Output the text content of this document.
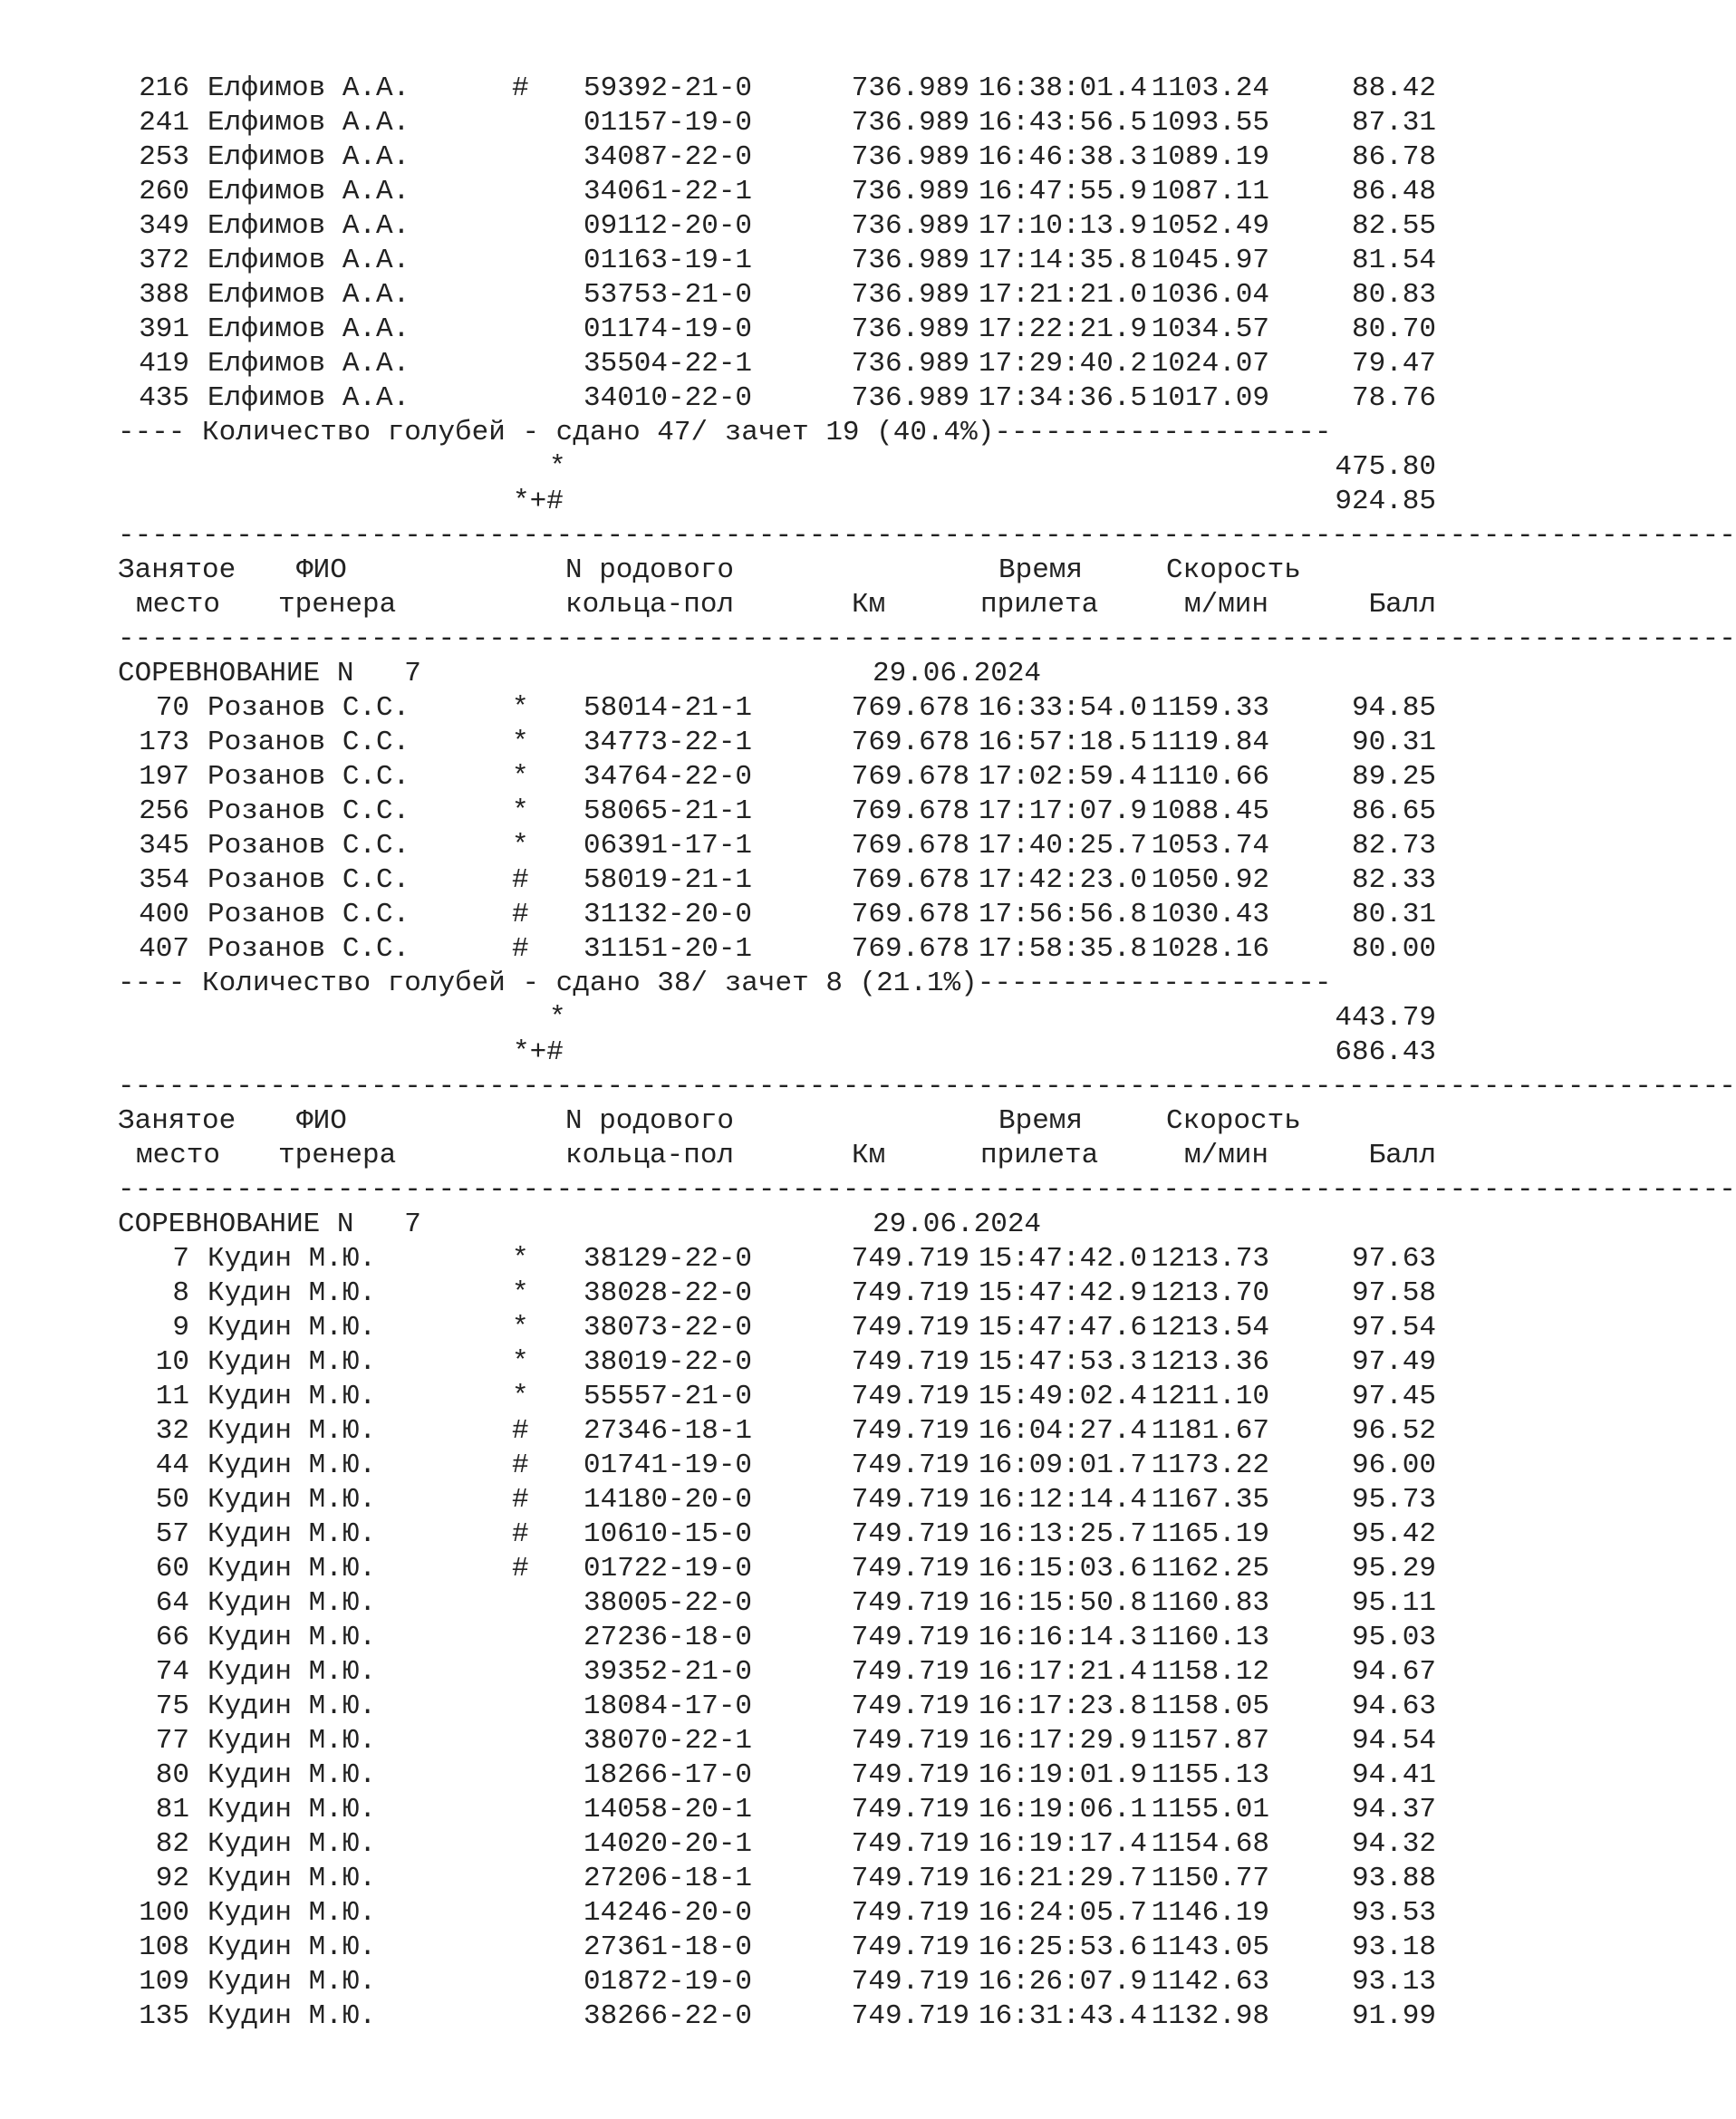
216 Елфимов А.А.	# 59392-21-0	736.989 16:38:01.4 1103.24	88.42
241 Елфимов А.А.	01157-19-0	736.989 16:43:56.5 1093.55	87.31
253 Елфимов А.А.	34087-22-0	736.989 16:46:38.3 1089.19	86.78
260 Елфимов А.А.	34061-22-1	736.989 16:47:55.9 1087.11	86.48
349 Елфимов А.А.	09112-20-0	736.989 17:10:13.9 1052.49	82.55
372 Елфимов А.А.	01163-19-1	736.989 17:14:35.8 1045.97	81.54
388 Елфимов А.А.	53753-21-0	736.989 17:21:21.0 1036.04	80.83
391 Елфимов А.А.	01174-19-0	736.989 17:22:21.9 1034.57	80.70
419 Елфимов А.А.	35504-22-1	736.989 17:29:40.2 1024.07	79.47
435 Елфимов А.А.	34010-22-0	736.989 17:34:36.5 1017.09	78.76
---- Количество голубей - сдано 47/ зачет 19 (40.4%)--------------------
*	475.80
*+#	924.85
------------------------------------------------------------------------------------------------
Занятое ФИО	N родового	Время	Скорость
место тренера	кольца-пол	Км	прилета	м/мин	Балл
------------------------------------------------------------------------------------------------
СОРЕВНОВАНИЕ N   7	29.06.2024
70 Розанов С.С.	* 58014-21-1	769.678 16:33:54.0 1159.33	94.85
173 Розанов С.С.	* 34773-22-1	769.678 16:57:18.5 1119.84	90.31
197 Розанов С.С.	* 34764-22-0	769.678 17:02:59.4 1110.66	89.25
256 Розанов С.С.	* 58065-21-1	769.678 17:17:07.9 1088.45	86.65
345 Розанов С.С.	* 06391-17-1	769.678 17:40:25.7 1053.74	82.73
354 Розанов С.С.	# 58019-21-1	769.678 17:42:23.0 1050.92	82.33
400 Розанов С.С.	# 31132-20-0	769.678 17:56:56.8 1030.43	80.31
407 Розанов С.С.	# 31151-20-1	769.678 17:58:35.8 1028.16	80.00
---- Количество голубей - сдано 38/ зачет 8 (21.1%)---------------------
*	443.79
*+#	686.43
------------------------------------------------------------------------------------------------
Занятое ФИО	N родового	Время	Скорость
место тренера	кольца-пол	Км	прилета	м/мин	Балл
------------------------------------------------------------------------------------------------
СОРЕВНОВАНИЕ N   7	29.06.2024
7 Кудин М.Ю.	* 38129-22-0	749.719 15:47:42.0 1213.73	97.63
8 Кудин М.Ю.	* 38028-22-0	749.719 15:47:42.9 1213.70	97.58
9 Кудин М.Ю.	* 38073-22-0	749.719 15:47:47.6 1213.54	97.54
10 Кудин М.Ю.	* 38019-22-0	749.719 15:47:53.3 1213.36	97.49
11 Кудин М.Ю.	* 55557-21-0	749.719 15:49:02.4 1211.10	97.45
32 Кудин М.Ю.	# 27346-18-1	749.719 16:04:27.4 1181.67	96.52
44 Кудин М.Ю.	# 01741-19-0	749.719 16:09:01.7 1173.22	96.00
50 Кудин М.Ю.	# 14180-20-0	749.719 16:12:14.4 1167.35	95.73
57 Кудин М.Ю.	# 10610-15-0	749.719 16:13:25.7 1165.19	95.42
60 Кудин М.Ю.	# 01722-19-0	749.719 16:15:03.6 1162.25	95.29
64 Кудин М.Ю.	38005-22-0	749.719 16:15:50.8 1160.83	95.11
66 Кудин М.Ю.	27236-18-0	749.719 16:16:14.3 1160.13	95.03
74 Кудин М.Ю.	39352-21-0	749.719 16:17:21.4 1158.12	94.67
75 Кудин М.Ю.	18084-17-0	749.719 16:17:23.8 1158.05	94.63
77 Кудин М.Ю.	38070-22-1	749.719 16:17:29.9 1157.87	94.54
80 Кудин М.Ю.	18266-17-0	749.719 16:19:01.9 1155.13	94.41
81 Кудин М.Ю.	14058-20-1	749.719 16:19:06.1 1155.01	94.37
82 Кудин М.Ю.	14020-20-1	749.719 16:19:17.4 1154.68	94.32
92 Кудин М.Ю.	27206-18-1	749.719 16:21:29.7 1150.77	93.88
100 Кудин М.Ю.	14246-20-0	749.719 16:24:05.7 1146.19	93.53
108 Кудин М.Ю.	27361-18-0	749.719 16:25:53.6 1143.05	93.18
109 Кудин М.Ю.	01872-19-0	749.719 16:26:07.9 1142.63	93.13
135 Кудин М.Ю.	38266-22-0	749.719 16:31:43.4 1132.98	91.99
